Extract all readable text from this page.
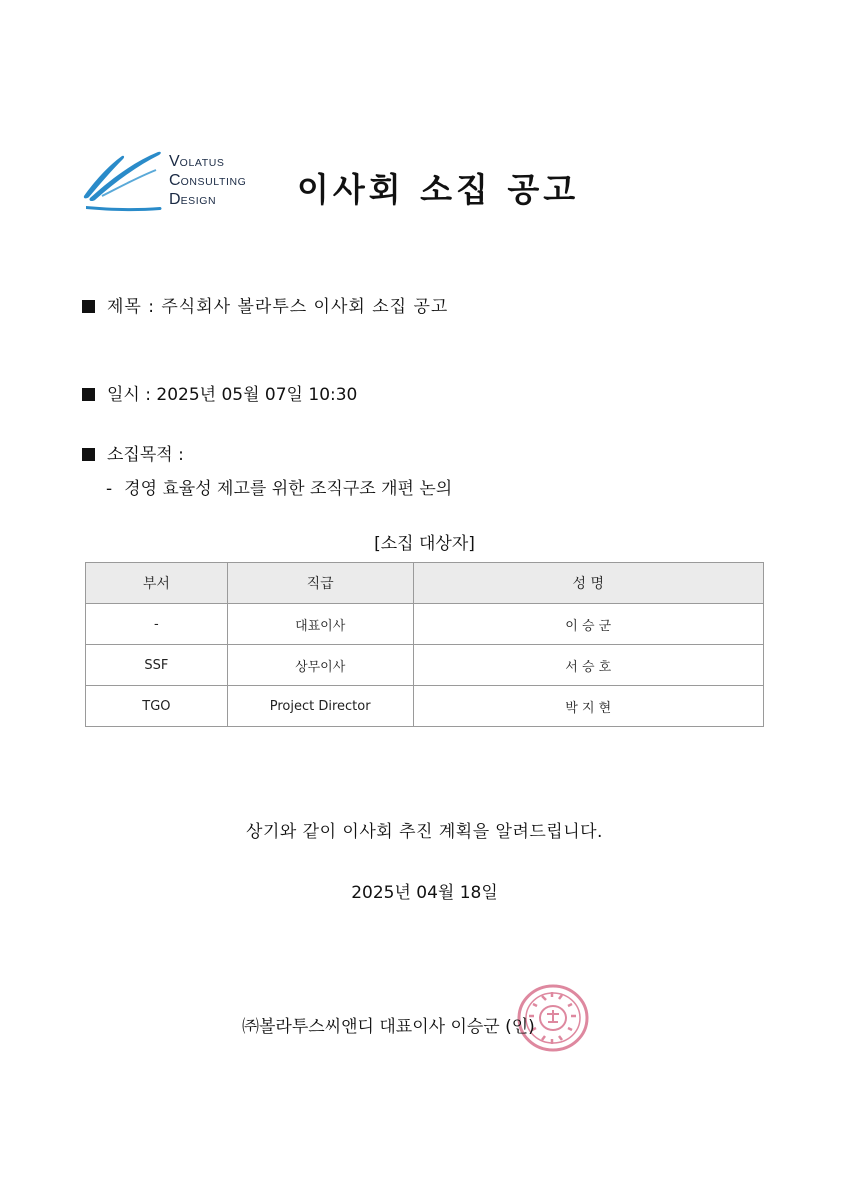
VOLATUS
CONSULTING
DESIGN	이사회 소집 공고
제목 : 주식회사 볼라투스 이사회 소집 공고
일시 : 2025년 05월 07일 10:30
소집목적 :
- 경영 효율성 제고를 위한 조직구조 개편 논의
[소집 대상자]
부서	직급	성 명
-	대표이사	이 승 군
SSF	상무이사	서 승 호
TGO	Project Director	박 지 현
상기와 같이 이사회 추진 계획을 알려드립니다.
2025년 04월 18일
㈜볼라투스씨앤디 대표이사 이승군 (인)
